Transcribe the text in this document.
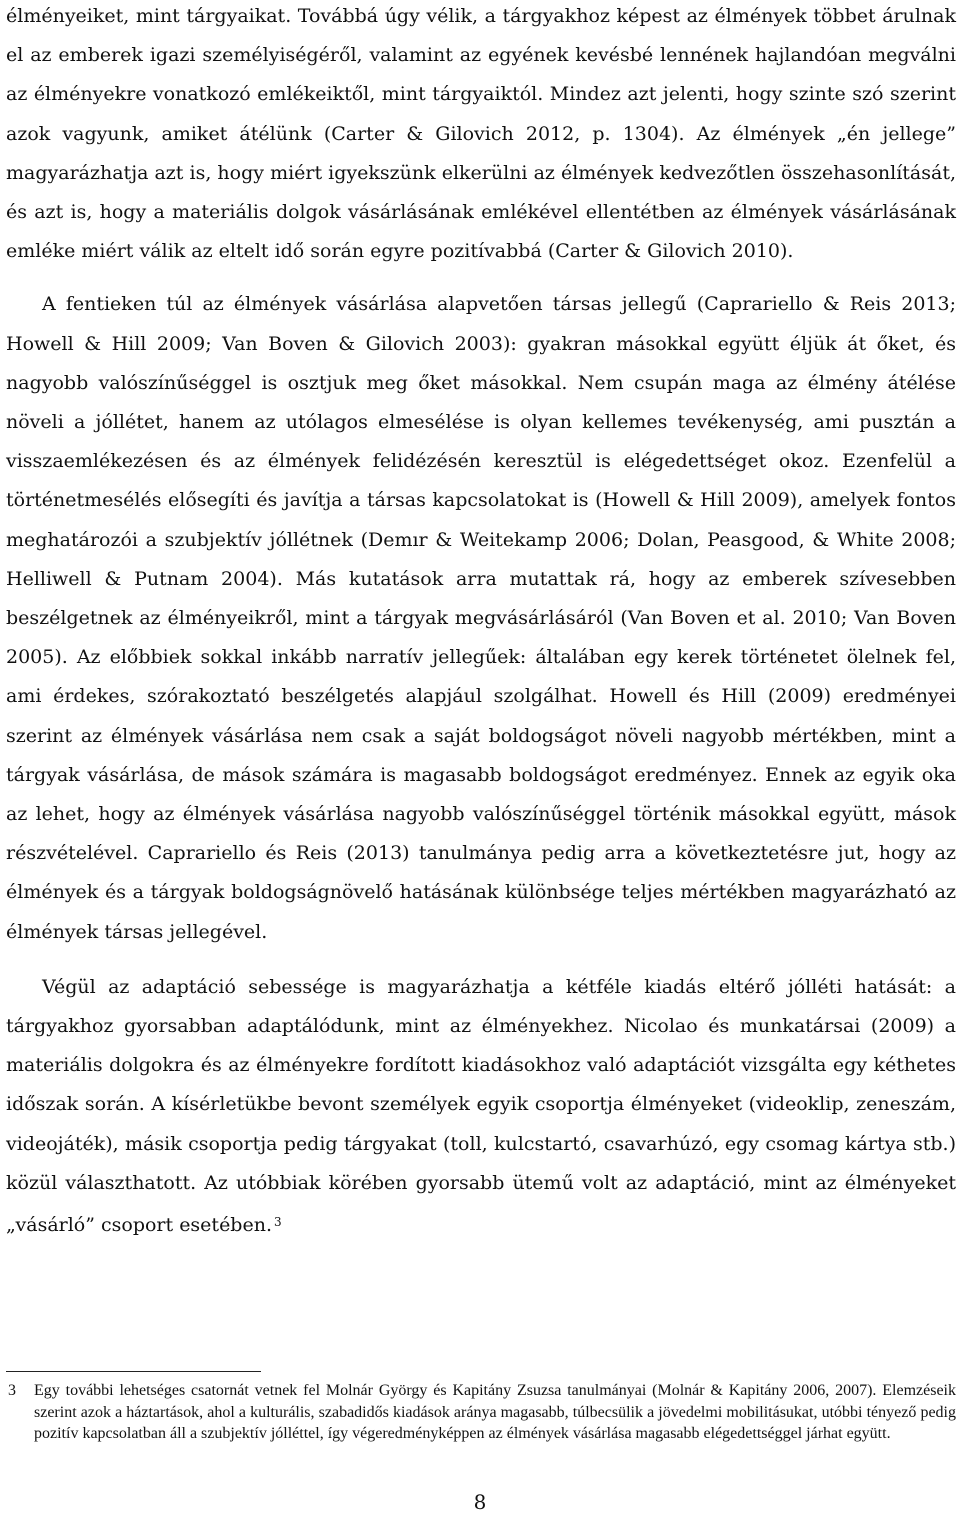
élményeiket, mint tárgyaikat. Továbbá úgy vélik, a tárgyakhoz képest az élmények többet árulnak el az emberek igazi személyiségéről, valamint az egyének kevésbé lennének hajlandóan megválni az élményekre vonatkozó emlékeiktől, mint tárgyaiktól. Mindez azt jelenti, hogy szinte szó szerint azok vagyunk, amiket átélünk (Carter & Gilovich 2012, p. 1304). Az élmények „én jellege” magyarázhatja azt is, hogy miért igyekszünk elkerülni az élmények kedvezőtlen összehasonlítását, és azt is, hogy a materiális dolgok vásárlásának emlékével ellentétben az élmények vásárlásának emléke miért válik az eltelt idő során egyre pozitívabbá (Carter & Gilovich 2010).

A fentieken túl az élmények vásárlása alapvetően társas jellegű (Caprariello & Reis 2013; Howell & Hill 2009; Van Boven & Gilovich 2003): gyakran másokkal együtt éljük át őket, és nagyobb valószínűséggel is osztjuk meg őket másokkal. Nem csupán maga az élmény átélése növeli a jóllétet, hanem az utólagos elmesélése is olyan kellemes tevékenység, ami pusztán a visszaemlékezésen és az élmények felidézésén keresztül is elégedettséget okoz. Ezenfelül a történetmesélés elősegíti és javítja a társas kapcsolatokat is (Howell & Hill 2009), amelyek fontos meghatározói a szubjektív jóllétnek (Demır & Weitekamp 2006; Dolan, Peasgood, & White 2008; Helliwell & Putnam 2004). Más kutatások arra mutattak rá, hogy az emberek szívesebben beszélgetnek az élményeikről, mint a tárgyak megvásárlásáról (Van Boven et al. 2010; Van Boven 2005). Az előbbiek sokkal inkább narratív jellegűek: általában egy kerek történetet ölelnek fel, ami érdekes, szórakoztató beszélgetés alapjául szolgálhat. Howell és Hill (2009) eredményei szerint az élmények vásárlása nem csak a saját boldogságot növeli nagyobb mértékben, mint a tárgyak vásárlása, de mások számára is magasabb boldogságot eredményez. Ennek az egyik oka az lehet, hogy az élmények vásárlása nagyobb valószínűséggel történik másokkal együtt, mások részvételével. Caprariello és Reis (2013) tanulmánya pedig arra a következtetésre jut, hogy az élmények és a tárgyak boldogságnövelő hatásának különbsége teljes mértékben magyarázható az élmények társas jellegével.

Végül az adaptáció sebessége is magyarázhatja a kétféle kiadás eltérő jólléti hatását: a tárgyakhoz gyorsabban adaptálódunk, mint az élményekhez. Nicolao és munkatársai (2009) a materiális dolgokra és az élményekre fordított kiadásokhoz való adaptációt vizsgálta egy kéthetes időszak során. A kísérletükbe bevont személyek egyik csoportja élményeket (videoklip, zeneszám, videojáték), másik csoportja pedig tárgyakat (toll, kulcstartó, csavarhúzó, egy csomag kártya stb.) közül választhatott. Az utóbbiak körében gyorsabb ütemű volt az adaptáció, mint az élményeket „vásárló” csoport esetében. $^3$

3	Egy további lehetséges csatornát vetnek fel Molnár György és Kapitány Zsuzsa tanulmányai (Molnár & Kapitány 2006, 2007). Elemzéseik szerint azok a háztartások, ahol a kulturális, szabadidős kiadások aránya magasabb, túlbecsülik a jövedelmi mobilitásukat, utóbbi tényező pedig pozitív kapcsolatban áll a szubjektív jólléttel, így végeredményképpen az élmények vásárlása magasabb elégedettséggel járhat együtt.
8
